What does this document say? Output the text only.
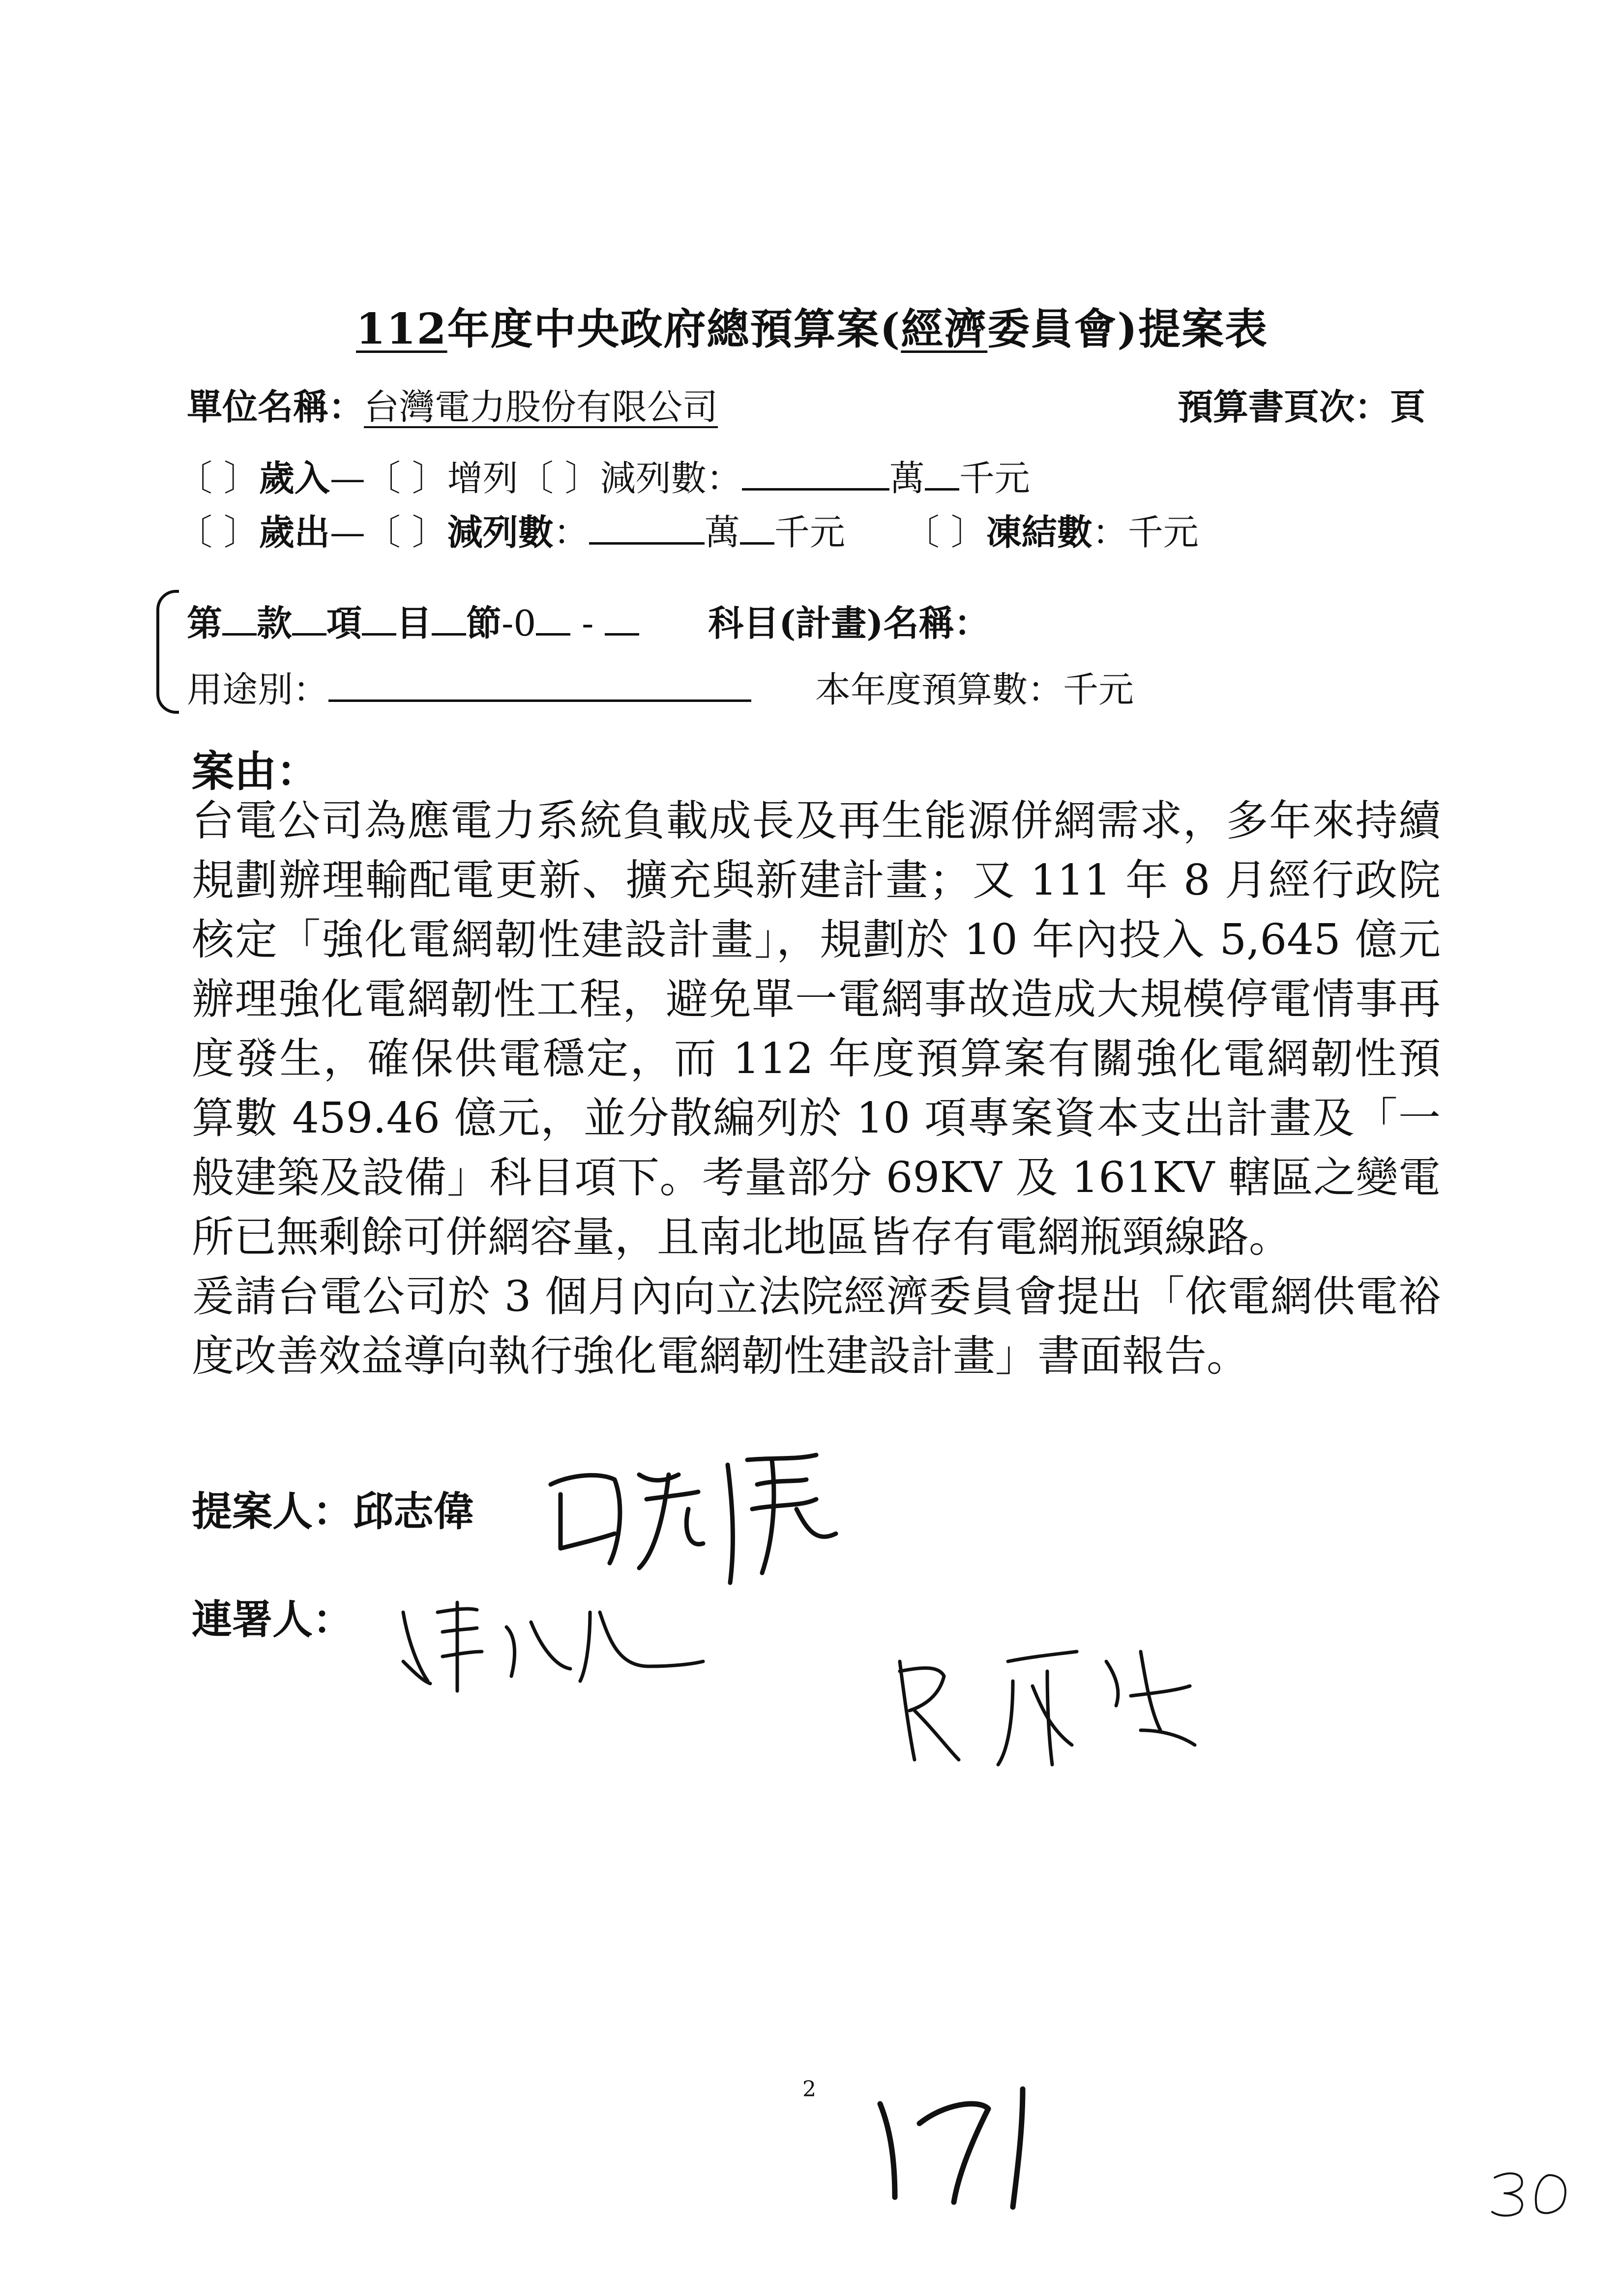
112年度中央政府總預算案(經濟委員會)提案表
單位名稱：台灣電力股份有限公司	預算書頁次：頁
〔 〕歲入—〔 〕增列〔 〕減列數：	萬 千元
〔 〕歲出—〔 〕減列數：	萬 千元 〔 〕凍結數：千元
第 款 項 目 節-0 -	科目(計畫)名稱：
用途別：	本年度預算數：千元
案由：

台電公司為應電力系統負載成長及再生能源併網需求，多年來持續規劃辦理輸配電更新、擴充與新建計畫；又 111 年 8 月經行政院核定「強化電網韌性建設計畫」，規劃於 10 年內投入 5,645 億元辦理強化電網韌性工程，避免單一電網事故造成大規模停電情事再度發生，確保供電穩定，而 112 年度預算案有關強化電網韌性預算數 459.46 億元，並分散編列於 10 項專案資本支出計畫及「一般建築及設備」科目項下。考量部分 69KV 及 161KV 轄區之變電所已無剩餘可併網容量，且南北地區皆存有電網瓶頸線路。

爰請台電公司於 3 個月內向立法院經濟委員會提出「依電網供電裕度改善效益導向執行強化電網韌性建設計畫」書面報告。

提案人：邱志偉
連署人：
2
